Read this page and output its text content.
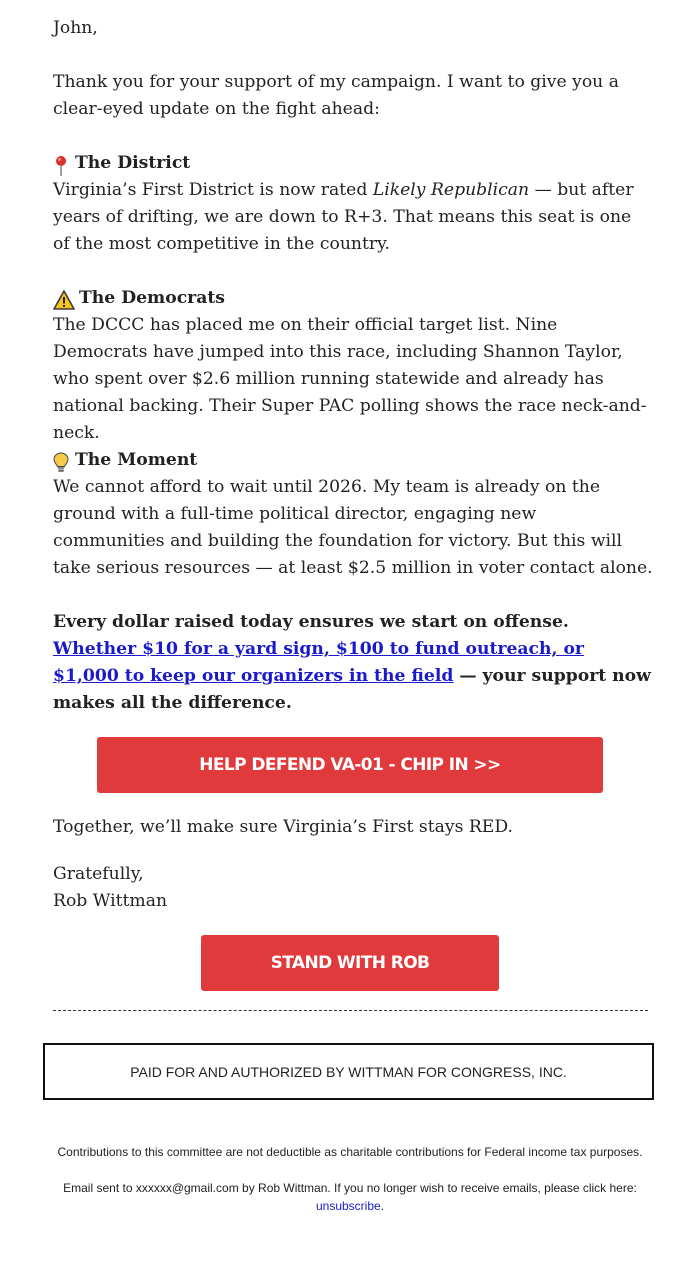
John,

Thank you for your support of my campaign. I want to give you a clear-eyed update on the fight ahead:

The District

Virginia’s First District is now rated Likely Republican — but after years of drifting, we are down to R+3. That means this seat is one of the most competitive in the country.

The Democrats

The DCCC has placed me on their official target list. Nine Democrats have jumped into this race, including Shannon Taylor, who spent over $2.6 million running statewide and already has national backing. Their Super PAC polling shows the race neck-and-neck.

The Moment

We cannot afford to wait until 2026. My team is already on the ground with a full-time political director, engaging new communities and building the foundation for victory. But this will take serious resources — at least $2.5 million in voter contact alone.

Every dollar raised today ensures we start on offense. Whether $10 for a yard sign, $100 to fund outreach, or $1,000 to keep our organizers in the field — your support now makes all the difference.

HELP DEFEND VA-01 - CHIP IN >>

Together, we’ll make sure Virginia’s First stays RED.

Gratefully,

Rob Wittman

STAND WITH ROB
PAID FOR AND AUTHORIZED BY WITTMAN FOR CONGRESS, INC.
Contributions to this committee are not deductible as charitable contributions for Federal income tax purposes.
Email sent to xxxxxx@gmail.com by Rob Wittman. If you no longer wish to receive emails, please click here:
unsubscribe.
